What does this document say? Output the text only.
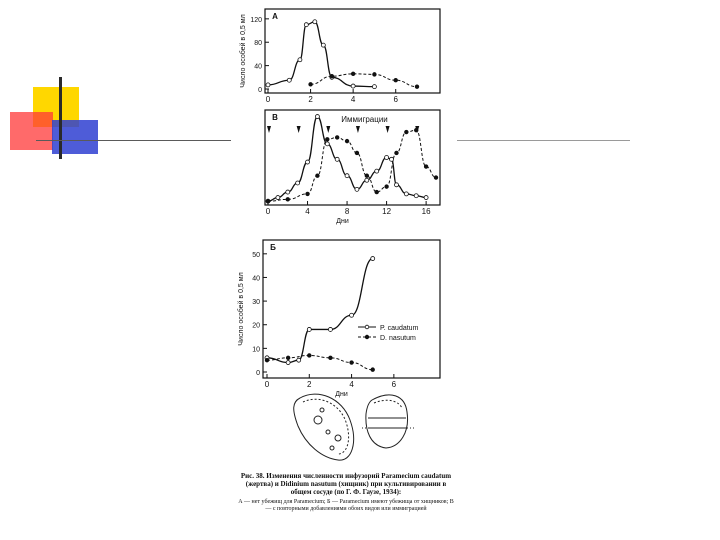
А
0	2	4	6
0
40
80
120
Число особей в 0,5 мл
В
0	4	8	12	16
Дни
Иммиграции
Б
0	2	4	6
0
10
20
30
40
50
Дни
Число особей в 0,5 мл	P. caudatum
D. nasutum
Рис. 38. Изменения численности инфузорий Paramecium caudatum (жертва) и Didinium nasutum (хищник) при культивировании в общем сосуде (по Г. Ф. Гаузе, 1934):
А — нет убежищ для Paramecium; Б — Paramecium имеют убежища от хищников; В — с повторными добавлениями обоих видов или иммиграцией
